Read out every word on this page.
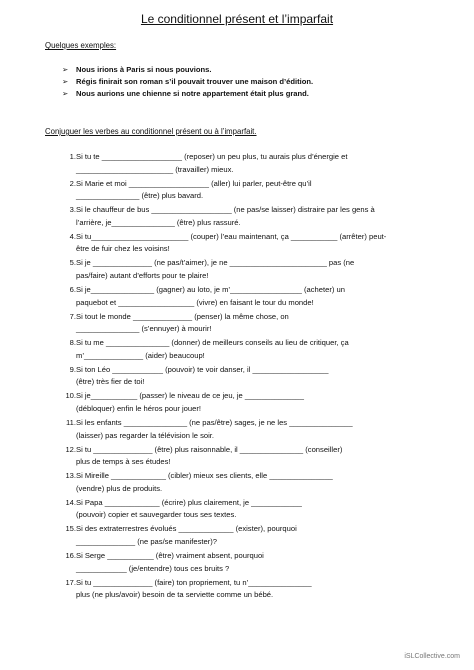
Le conditionnel présent et l’imparfait
Quelques exemples:
➢ Nous irions à Paris si nous pouvions.
➢ Régis finirait son roman s’il pouvait trouver une maison d’édition.
➢ Nous aurions une chienne si notre appartement était plus grand.
Conjuguer les verbes au conditionnel présent ou à l’imparfait.
1. Si tu te ___________________ (reposer) un peu plus, tu aurais plus d’énergie et
_______________________ (travailler) mieux.
2. Si Marie et moi ___________________ (aller) lui parler, peut-être qu’il
_______________ (être) plus bavard.
3. Si le chauffeur de bus ___________________ (ne pas/se laisser) distraire par les gens à
l’arrière, je_______________ (être) plus rassuré.
4. Si tu_______________________ (couper) l’eau maintenant, ça ___________ (arrêter) peut-
être de fuir chez les voisins!
5. Si je ______________ (ne pas/t’aimer), je ne _______________________ pas (ne
pas/faire) autant d’efforts pour te plaire!
6. Si je_______________ (gagner) au loto, je m’_________________ (acheter) un
paquebot et __________________ (vivre) en faisant le tour du monde!
7. Si tout le monde ______________ (penser) la même chose, on
_______________ (s’ennuyer) à mourir!
8. Si tu me _______________ (donner) de meilleurs conseils au lieu de critiquer, ça
m’______________ (aider) beaucoup!
9. Si ton Léo ____________ (pouvoir) te voir danser, il __________________
(être) très fier de toi!
10. Si je___________ (passer) le niveau de ce jeu, je ______________
(débloquer) enfin le héros pour jouer!
11. Si les enfants _______________ (ne pas/être) sages, je ne les _______________
(laisser) pas regarder la télévision le soir.
12. Si tu ______________ (être) plus raisonnable, il _______________ (conseiller)
plus de temps à ses études!
13. Si Mireille _____________ (cibler) mieux ses clients, elle _______________
(vendre) plus de produits.
14. Si Papa _____________ (écrire) plus clairement, je ____________
(pouvoir) copier et sauvegarder tous ses textes.
15. Si des extraterrestres évolués _____________ (exister), pourquoi
______________ (ne pas/se manifester)?
16. Si Serge ___________ (être) vraiment absent, pourquoi
____________ (je/entendre) tous ces bruits ?
17. Si tu ______________ (faire) ton propriement, tu n’_______________
plus (ne plus/avoir) besoin de ta serviette comme un bébé.
iSLCollective.com
